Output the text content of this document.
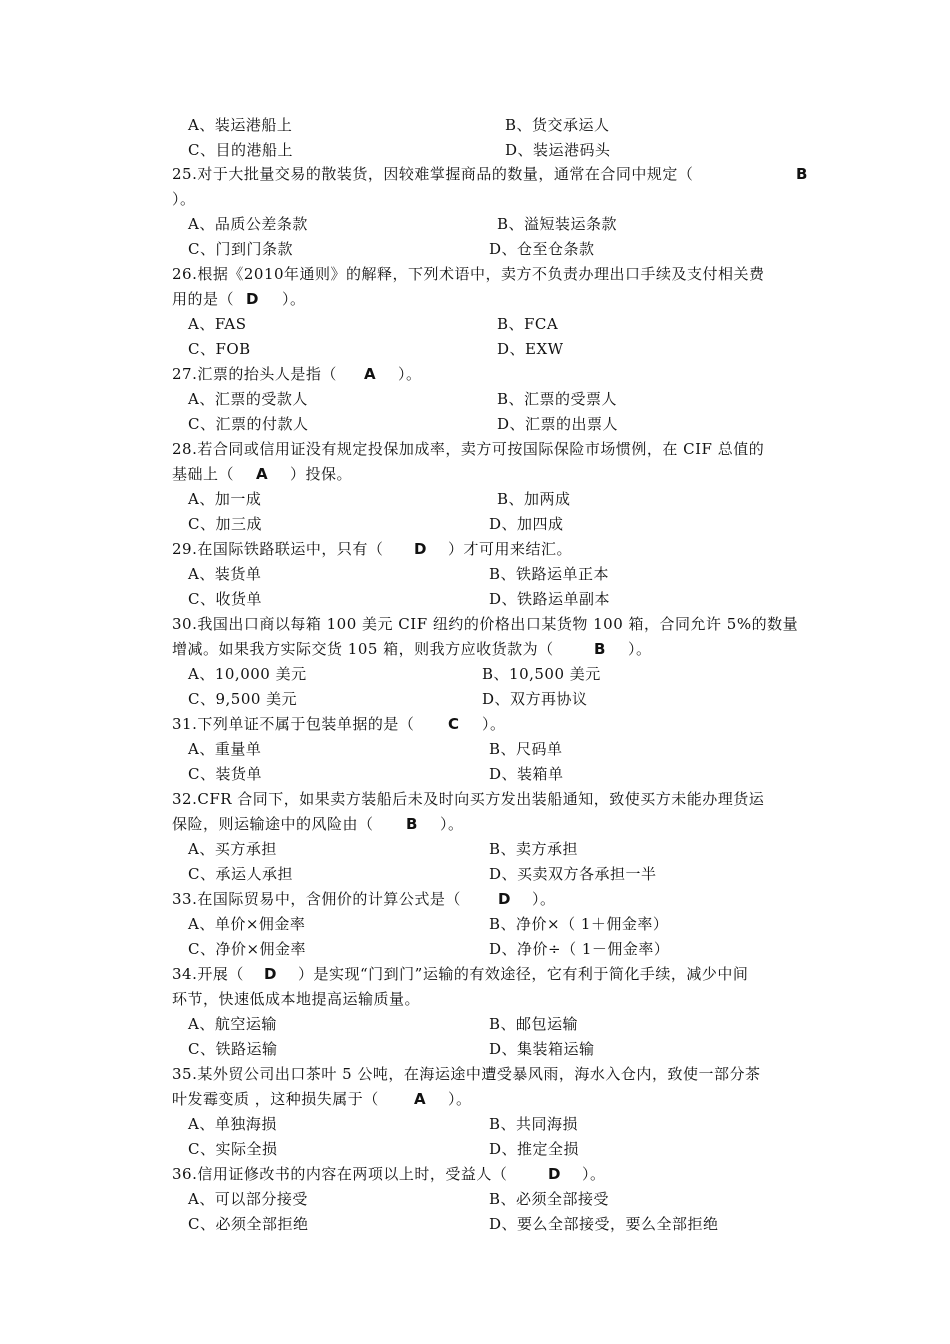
A、装运港船上	B、货交承运人
C、目的港船上	D、装运港码头
25.对于大批量交易的散装货，因较难掌握商品的数量，通常在合同中规定（	B
）。
A、品质公差条款	B、溢短装运条款
C、门到门条款	D、仓至仓条款
26.根据《2010年通则》的解释，下列术语中，卖方不负责办理出口手续及支付相关费
用的是（ D ）。
A、FAS	B、FCA
C、FOB	D、EXW
27.汇票的抬头人是指（ A ）。
A、汇票的受款人	B、汇票的受票人
C、汇票的付款人	D、汇票的出票人
28.若合同或信用证没有规定投保加成率，卖方可按国际保险市场惯例，在 CIF 总值的
基础上（ A ）投保。
A、加一成	B、加两成
C、加三成	D、加四成
29.在国际铁路联运中，只有（ D ）才可用来结汇。
A、装货单	B、铁路运单正本
C、收货单	D、铁路运单副本
30.我国出口商以每箱 100 美元 CIF 纽约的价格出口某货物 100 箱，合同允许 5%的数量
增减。如果我方实际交货 105 箱，则我方应收货款为（	B ）。
A、10,000 美元	B、10,500 美元
C、9,500 美元	D、双方再协议
31.下列单证不属于包装单据的是（ C ）。
A、重量单	B、尺码单
C、装货单	D、装箱单
32.CFR 合同下，如果卖方装船后未及时向买方发出装船通知，致使买方未能办理货运
保险，则运输途中的风险由（ B ）。
A、买方承担	B、卖方承担
C、承运人承担	D、买卖双方各承担一半
33.在国际贸易中，含佣价的计算公式是（ D ）。
A、单价×佣金率	B、净价×（ 1＋佣金率）
C、净价×佣金率	D、净价÷（ 1－佣金率）
34.开展（ D ）是实现“门到门”运输的有效途径，它有利于简化手续，减少中间
环节，快速低成本地提高运输质量。
A、航空运输	B、邮包运输
C、铁路运输	D、集装箱运输
35.某外贸公司出口茶叶 5 公吨，在海运途中遭受暴风雨，海水入仓内，致使一部分茶
叶发霉变质 ，这种损失属于（ A ）。
A、单独海损	B、共同海损
C、实际全损	D、推定全损
36.信用证修改书的内容在两项以上时，受益人（	D ）。
A、可以部分接受	B、必须全部接受
C、必须全部拒绝	D、要么全部接受，要么全部拒绝
